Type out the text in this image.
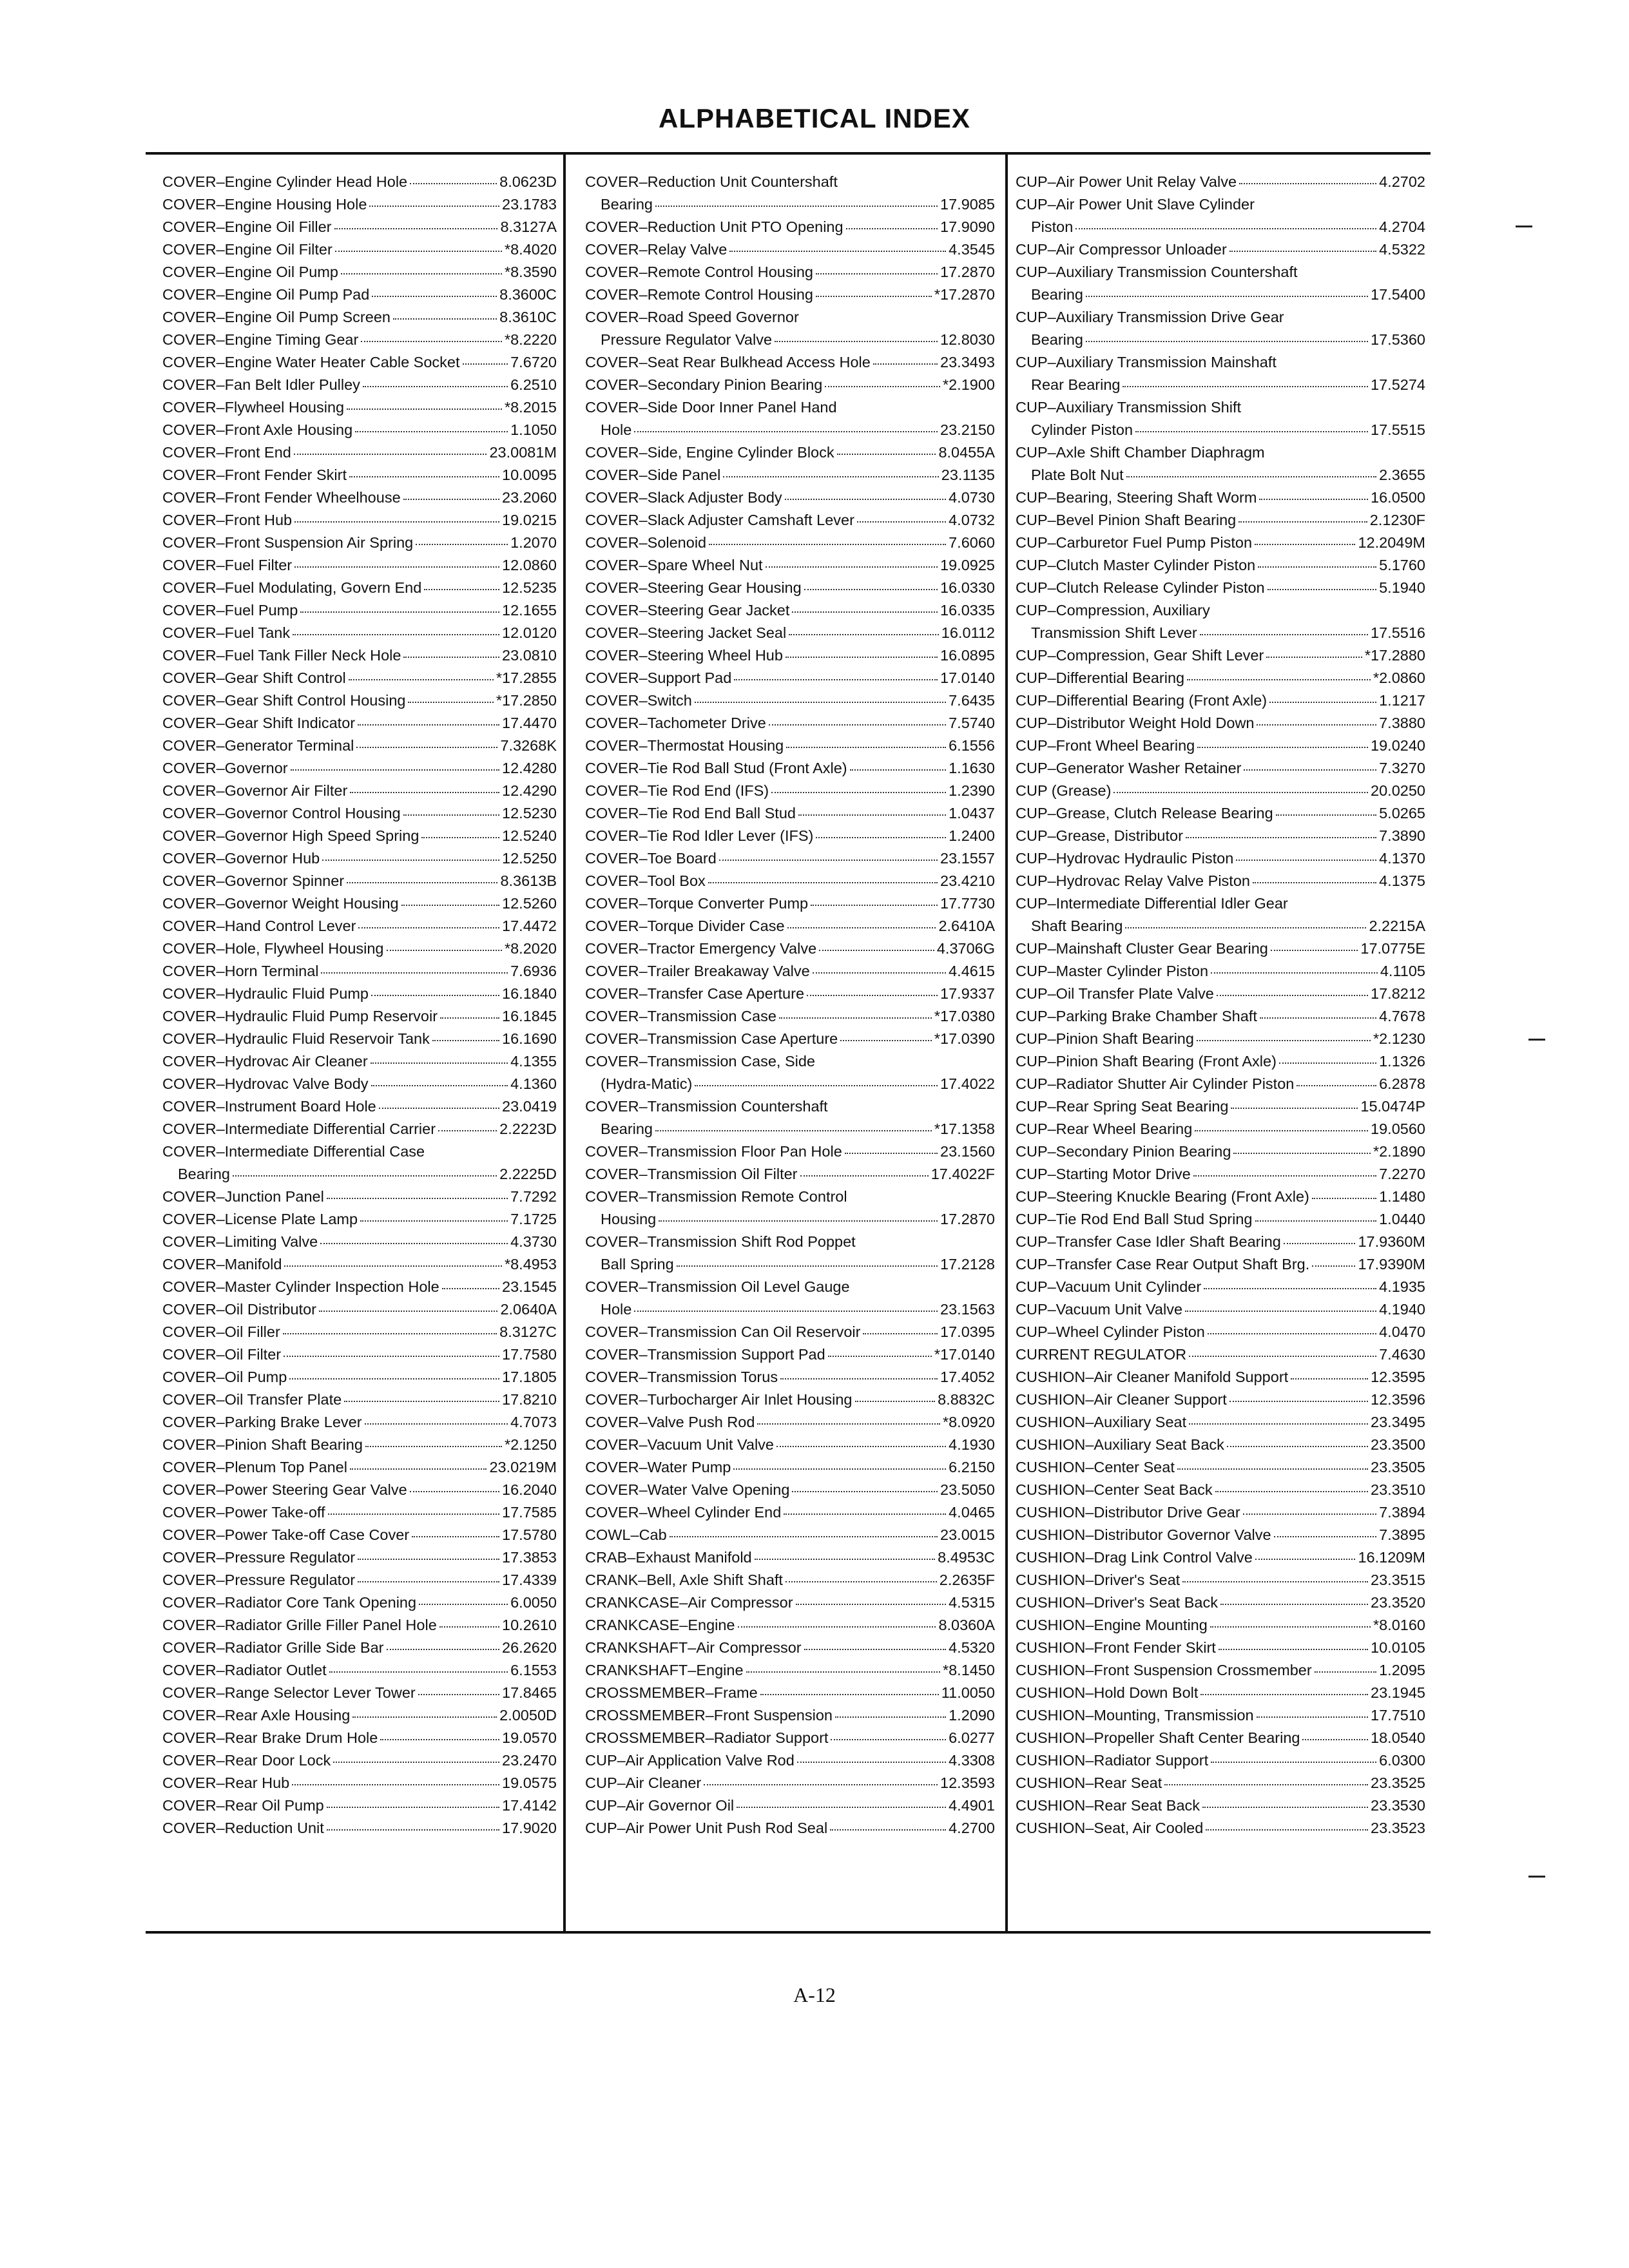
ALPHABETICAL INDEX
COVER–Engine Cylinder Head Hole	8.0623D
COVER–Engine Housing Hole	23.1783
COVER–Engine Oil Filler	8.3127A
COVER–Engine Oil Filter	*8.4020
COVER–Engine Oil Pump	*8.3590
COVER–Engine Oil Pump Pad	8.3600C
COVER–Engine Oil Pump Screen	8.3610C
COVER–Engine Timing Gear	*8.2220
COVER–Engine Water Heater Cable Socket	7.6720
COVER–Fan Belt Idler Pulley	6.2510
COVER–Flywheel Housing	*8.2015
COVER–Front Axle Housing	1.1050
COVER–Front End	23.0081M
COVER–Front Fender Skirt	10.0095
COVER–Front Fender Wheelhouse	23.2060
COVER–Front Hub	19.0215
COVER–Front Suspension Air Spring	1.2070
COVER–Fuel Filter	12.0860
COVER–Fuel Modulating, Govern End	12.5235
COVER–Fuel Pump	12.1655
COVER–Fuel Tank	12.0120
COVER–Fuel Tank Filler Neck Hole	23.0810
COVER–Gear Shift Control	*17.2855
COVER–Gear Shift Control Housing	*17.2850
COVER–Gear Shift Indicator	17.4470
COVER–Generator Terminal	7.3268K
COVER–Governor	12.4280
COVER–Governor Air Filter	12.4290
COVER–Governor Control Housing	12.5230
COVER–Governor High Speed Spring	12.5240
COVER–Governor Hub	12.5250
COVER–Governor Spinner	8.3613B
COVER–Governor Weight Housing	12.5260
COVER–Hand Control Lever	17.4472
COVER–Hole, Flywheel Housing	*8.2020
COVER–Horn Terminal	7.6936
COVER–Hydraulic Fluid Pump	16.1840
COVER–Hydraulic Fluid Pump Reservoir	16.1845
COVER–Hydraulic Fluid Reservoir Tank	16.1690
COVER–Hydrovac Air Cleaner	4.1355
COVER–Hydrovac Valve Body	4.1360
COVER–Instrument Board Hole	23.0419
COVER–Intermediate Differential Carrier	2.2223D
COVER–Intermediate Differential Case
Bearing	2.2225D
COVER–Junction Panel	7.7292
COVER–License Plate Lamp	7.1725
COVER–Limiting Valve	4.3730
COVER–Manifold	*8.4953
COVER–Master Cylinder Inspection Hole	23.1545
COVER–Oil Distributor	2.0640A
COVER–Oil Filler	8.3127C
COVER–Oil Filter	17.7580
COVER–Oil Pump	17.1805
COVER–Oil Transfer Plate	17.8210
COVER–Parking Brake Lever	4.7073
COVER–Pinion Shaft Bearing	*2.1250
COVER–Plenum Top Panel	23.0219M
COVER–Power Steering Gear Valve	16.2040
COVER–Power Take-off	17.7585
COVER–Power Take-off Case Cover	17.5780
COVER–Pressure Regulator	17.3853
COVER–Pressure Regulator	17.4339
COVER–Radiator Core Tank Opening	6.0050
COVER–Radiator Grille Filler Panel Hole	10.2610
COVER–Radiator Grille Side Bar	26.2620
COVER–Radiator Outlet	6.1553
COVER–Range Selector Lever Tower	17.8465
COVER–Rear Axle Housing	2.0050D
COVER–Rear Brake Drum Hole	19.0570
COVER–Rear Door Lock	23.2470
COVER–Rear Hub	19.0575
COVER–Rear Oil Pump	17.4142
COVER–Reduction Unit	17.9020
COVER–Reduction Unit Countershaft
Bearing	17.9085
COVER–Reduction Unit PTO Opening	17.9090
COVER–Relay Valve	4.3545
COVER–Remote Control Housing	17.2870
COVER–Remote Control Housing	*17.2870
COVER–Road Speed Governor
Pressure Regulator Valve	12.8030
COVER–Seat Rear Bulkhead Access Hole	23.3493
COVER–Secondary Pinion Bearing	*2.1900
COVER–Side Door Inner Panel Hand
Hole	23.2150
COVER–Side, Engine Cylinder Block	8.0455A
COVER–Side Panel	23.1135
COVER–Slack Adjuster Body	4.0730
COVER–Slack Adjuster Camshaft Lever	4.0732
COVER–Solenoid	7.6060
COVER–Spare Wheel Nut	19.0925
COVER–Steering Gear Housing	16.0330
COVER–Steering Gear Jacket	16.0335
COVER–Steering Jacket Seal	16.0112
COVER–Steering Wheel Hub	16.0895
COVER–Support Pad	17.0140
COVER–Switch	7.6435
COVER–Tachometer Drive	7.5740
COVER–Thermostat Housing	6.1556
COVER–Tie Rod Ball Stud (Front Axle)	1.1630
COVER–Tie Rod End (IFS)	1.2390
COVER–Tie Rod End Ball Stud	1.0437
COVER–Tie Rod Idler Lever (IFS)	1.2400
COVER–Toe Board	23.1557
COVER–Tool Box	23.4210
COVER–Torque Converter Pump	17.7730
COVER–Torque Divider Case	2.6410A
COVER–Tractor Emergency Valve	4.3706G
COVER–Trailer Breakaway Valve	4.4615
COVER–Transfer Case Aperture	17.9337
COVER–Transmission Case	*17.0380
COVER–Transmission Case Aperture	*17.0390
COVER–Transmission Case, Side
(Hydra-Matic)	17.4022
COVER–Transmission Countershaft
Bearing	*17.1358
COVER–Transmission Floor Pan Hole	23.1560
COVER–Transmission Oil Filter	17.4022F
COVER–Transmission Remote Control
Housing	17.2870
COVER–Transmission Shift Rod Poppet
Ball Spring	17.2128
COVER–Transmission Oil Level Gauge
Hole	23.1563
COVER–Transmission Can Oil Reservoir	17.0395
COVER–Transmission Support Pad	*17.0140
COVER–Transmission Torus	17.4052
COVER–Turbocharger Air Inlet Housing	8.8832C
COVER–Valve Push Rod	*8.0920
COVER–Vacuum Unit Valve	4.1930
COVER–Water Pump	6.2150
COVER–Water Valve Opening	23.5050
COVER–Wheel Cylinder End	4.0465
COWL–Cab	23.0015
CRAB–Exhaust Manifold	8.4953C
CRANK–Bell, Axle Shift Shaft	2.2635F
CRANKCASE–Air Compressor	4.5315
CRANKCASE–Engine	8.0360A
CRANKSHAFT–Air Compressor	4.5320
CRANKSHAFT–Engine	*8.1450
CROSSMEMBER–Frame	11.0050
CROSSMEMBER–Front Suspension	1.2090
CROSSMEMBER–Radiator Support	6.0277
CUP–Air Application Valve Rod	4.3308
CUP–Air Cleaner	12.3593
CUP–Air Governor Oil	4.4901
CUP–Air Power Unit Push Rod Seal	4.2700
CUP–Air Power Unit Relay Valve	4.2702
CUP–Air Power Unit Slave Cylinder
Piston	4.2704
CUP–Air Compressor Unloader	4.5322
CUP–Auxiliary Transmission Countershaft
Bearing	17.5400
CUP–Auxiliary Transmission Drive Gear
Bearing	17.5360
CUP–Auxiliary Transmission Mainshaft
Rear Bearing	17.5274
CUP–Auxiliary Transmission Shift
Cylinder Piston	17.5515
CUP–Axle Shift Chamber Diaphragm
Plate Bolt Nut	2.3655
CUP–Bearing, Steering Shaft Worm	16.0500
CUP–Bevel Pinion Shaft Bearing	2.1230F
CUP–Carburetor Fuel Pump Piston	12.2049M
CUP–Clutch Master Cylinder Piston	5.1760
CUP–Clutch Release Cylinder Piston	5.1940
CUP–Compression, Auxiliary
Transmission Shift Lever	17.5516
CUP–Compression, Gear Shift Lever	*17.2880
CUP–Differential Bearing	*2.0860
CUP–Differential Bearing (Front Axle)	1.1217
CUP–Distributor Weight Hold Down	7.3880
CUP–Front Wheel Bearing	19.0240
CUP–Generator Washer Retainer	7.3270
CUP (Grease)	20.0250
CUP–Grease, Clutch Release Bearing	5.0265
CUP–Grease, Distributor	7.3890
CUP–Hydrovac Hydraulic Piston	4.1370
CUP–Hydrovac Relay Valve Piston	4.1375
CUP–Intermediate Differential Idler Gear
Shaft Bearing	2.2215A
CUP–Mainshaft Cluster Gear Bearing	17.0775E
CUP–Master Cylinder Piston	4.1105
CUP–Oil Transfer Plate Valve	17.8212
CUP–Parking Brake Chamber Shaft	4.7678
CUP–Pinion Shaft Bearing	*2.1230
CUP–Pinion Shaft Bearing (Front Axle)	1.1326
CUP–Radiator Shutter Air Cylinder Piston	6.2878
CUP–Rear Spring Seat Bearing	15.0474P
CUP–Rear Wheel Bearing	19.0560
CUP–Secondary Pinion Bearing	*2.1890
CUP–Starting Motor Drive	7.2270
CUP–Steering Knuckle Bearing (Front Axle)	1.1480
CUP–Tie Rod End Ball Stud Spring	1.0440
CUP–Transfer Case Idler Shaft Bearing	17.9360M
CUP–Transfer Case Rear Output Shaft Brg.	17.9390M
CUP–Vacuum Unit Cylinder	4.1935
CUP–Vacuum Unit Valve	4.1940
CUP–Wheel Cylinder Piston	4.0470
CURRENT REGULATOR	7.4630
CUSHION–Air Cleaner Manifold Support	12.3595
CUSHION–Air Cleaner Support	12.3596
CUSHION–Auxiliary Seat	23.3495
CUSHION–Auxiliary Seat Back	23.3500
CUSHION–Center Seat	23.3505
CUSHION–Center Seat Back	23.3510
CUSHION–Distributor Drive Gear	7.3894
CUSHION–Distributor Governor Valve	7.3895
CUSHION–Drag Link Control Valve	16.1209M
CUSHION–Driver's Seat	23.3515
CUSHION–Driver's Seat Back	23.3520
CUSHION–Engine Mounting	*8.0160
CUSHION–Front Fender Skirt	10.0105
CUSHION–Front Suspension Crossmember	1.2095
CUSHION–Hold Down Bolt	23.1945
CUSHION–Mounting, Transmission	17.7510
CUSHION–Propeller Shaft Center Bearing	18.0540
CUSHION–Radiator Support	6.0300
CUSHION–Rear Seat	23.3525
CUSHION–Rear Seat Back	23.3530
CUSHION–Seat, Air Cooled	23.3523
A-12
